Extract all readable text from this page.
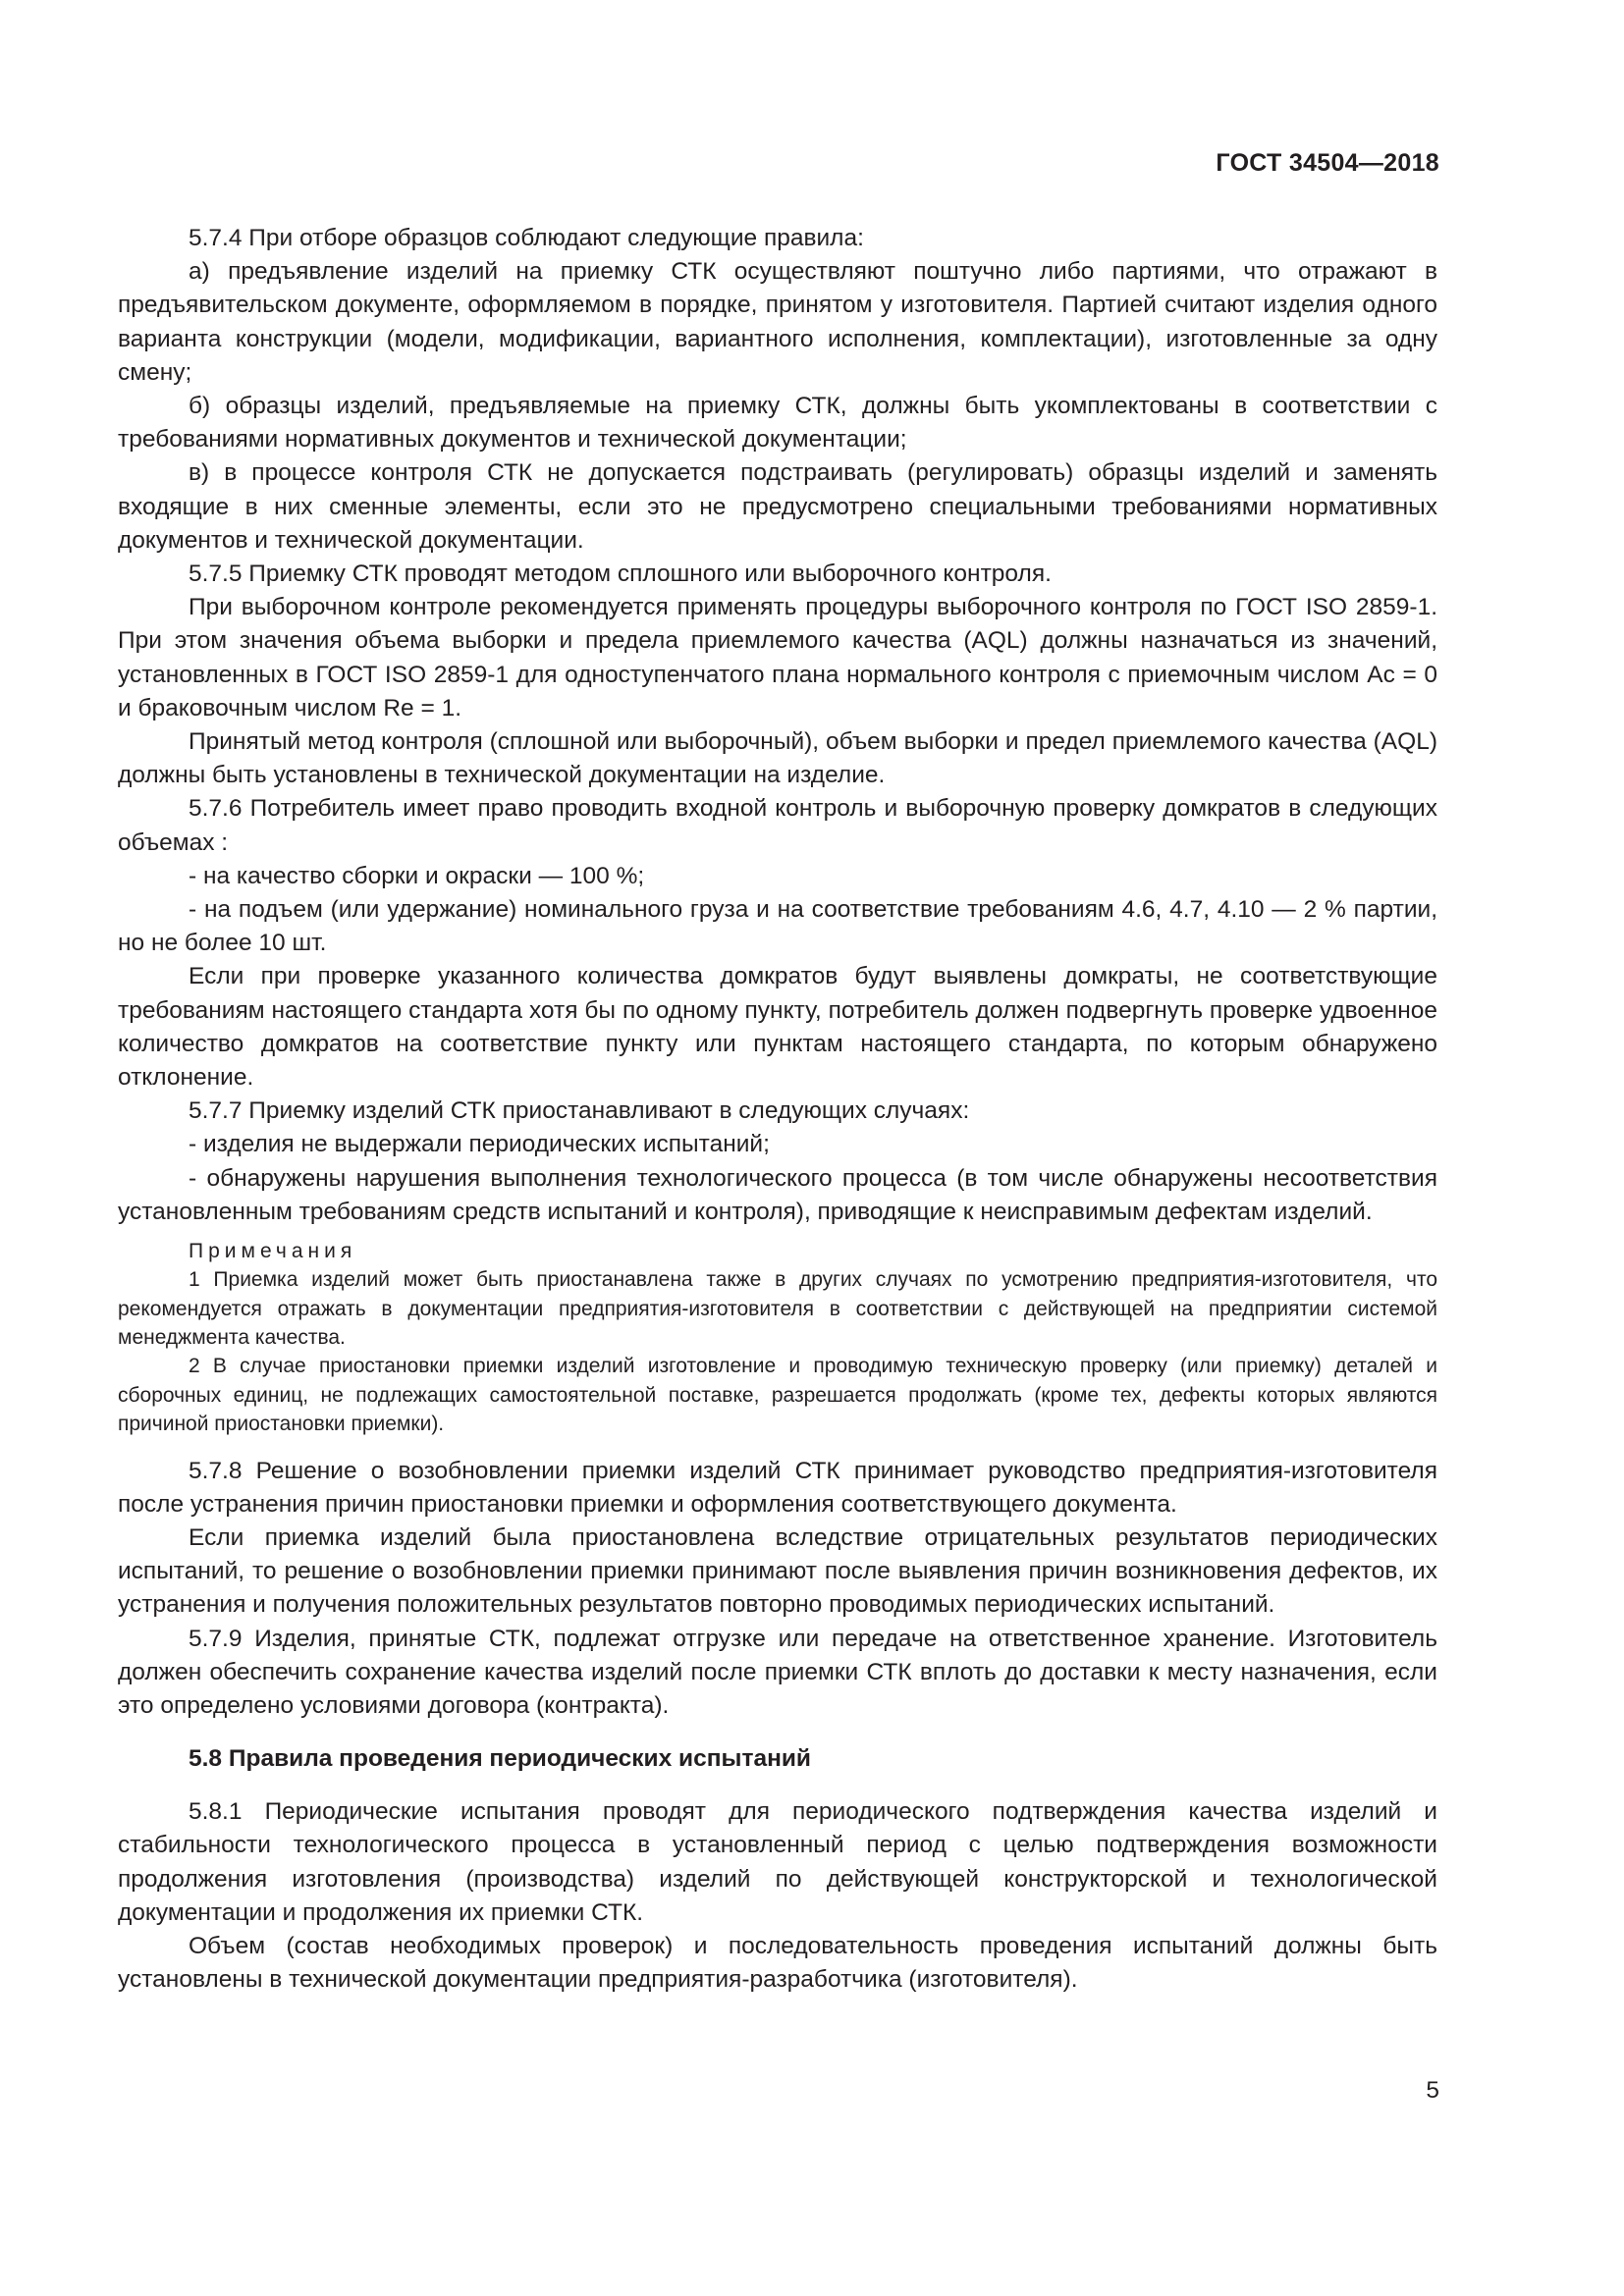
ГОСТ 34504—2018

5.7.4 При отборе образцов соблюдают следующие правила:

а) предъявление изделий на приемку СТК осуществляют поштучно либо партиями, что отражают в предъявительском документе, оформляемом в порядке, принятом у изготовителя. Партией считают изделия одного варианта конструкции (модели, модификации, вариантного исполнения, комплектации), изготовленные за одну смену;

б) образцы изделий, предъявляемые на приемку СТК, должны быть укомплектованы в соответствии с требованиями нормативных документов и технической документации;

в) в процессе контроля СТК не допускается подстраивать (регулировать) образцы изделий и заменять входящие в них сменные элементы, если это не предусмотрено специальными требованиями нормативных документов и технической документации.

5.7.5 Приемку СТК проводят методом сплошного или выборочного контроля.

При выборочном контроле рекомендуется применять процедуры выборочного контроля по ГОСТ ISO 2859-1. При этом значения объема выборки и предела приемлемого качества (AQL) должны назначаться из значений, установленных в ГОСТ ISO 2859-1 для одноступенчатого плана нормального контроля с приемочным числом Ac = 0 и браковочным числом Re = 1.

Принятый метод контроля (сплошной или выборочный), объем выборки и предел приемлемого качества (AQL) должны быть установлены в технической документации на изделие.

5.7.6 Потребитель имеет право проводить входной контроль и выборочную проверку домкратов в следующих объемах :

- на качество сборки и окраски — 100 %;

- на подъем (или удержание) номинального груза и на соответствие требованиям 4.6, 4.7, 4.10 — 2 % партии, но не более 10 шт.

Если при проверке указанного количества домкратов будут выявлены домкраты, не соответствующие требованиям настоящего стандарта хотя бы по одному пункту, потребитель должен подвергнуть проверке удвоенное количество домкратов на соответствие пункту или пунктам настоящего стандарта, по которым обнаружено отклонение.

5.7.7 Приемку изделий СТК приостанавливают в следующих случаях:

- изделия не выдержали периодических испытаний;

- обнаружены нарушения выполнения технологического процесса (в том числе обнаружены несоответствия установленным требованиям средств испытаний и контроля), приводящие к неисправимым дефектам изделий.

Примечания

1 Приемка изделий может быть приостанавлена также в других случаях по усмотрению предприятия-изготовителя, что рекомендуется отражать в документации предприятия-изготовителя в соответствии с действующей на предприятии системой менеджмента качества.

2 В случае приостановки приемки изделий изготовление и проводимую техническую проверку (или приемку) деталей и сборочных единиц, не подлежащих самостоятельной поставке, разрешается продолжать (кроме тех, дефекты которых являются причиной приостановки приемки).

5.7.8 Решение о возобновлении приемки изделий СТК принимает руководство предприятия-изготовителя после устранения причин приостановки приемки и оформления соответствующего документа.

Если приемка изделий была приостановлена вследствие отрицательных результатов периодических испытаний, то решение о возобновлении приемки принимают после выявления причин возникновения дефектов, их устранения и получения положительных результатов повторно проводимых периодических испытаний.

5.7.9 Изделия, принятые СТК, подлежат отгрузке или передаче на ответственное хранение. Изготовитель должен обеспечить сохранение качества изделий после приемки СТК вплоть до доставки к месту назначения, если это определено условиями договора (контракта).

5.8 Правила проведения периодических испытаний

5.8.1 Периодические испытания проводят для периодического подтверждения качества изделий и стабильности технологического процесса в установленный период с целью подтверждения возможности продолжения изготовления (производства) изделий по действующей конструкторской и технологической документации и продолжения их приемки СТК.

Объем (состав необходимых проверок) и последовательность проведения испытаний должны быть установлены в технической документации предприятия-разработчика (изготовителя).

5
